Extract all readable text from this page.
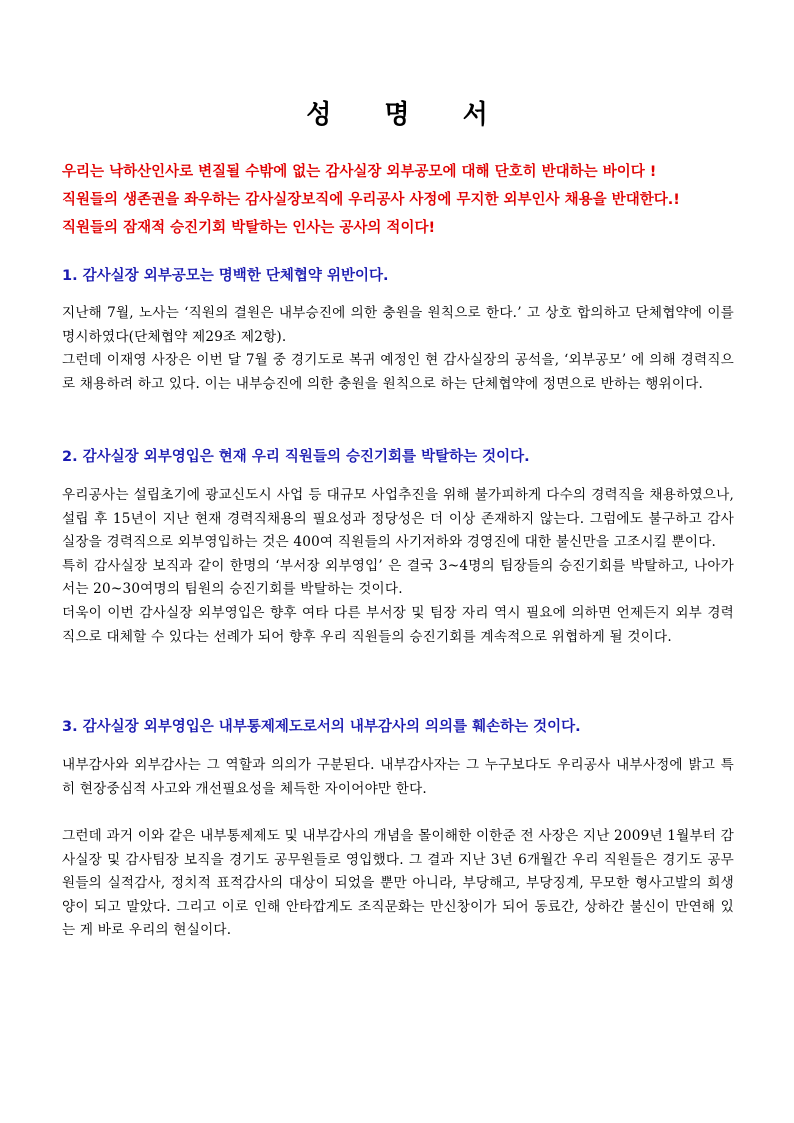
성 명 서
우리는 낙하산인사로 변질될 수밖에 없는 감사실장 외부공모에 대해 단호히 반대하는 바이다 !
직원들의 생존권을 좌우하는 감사실장보직에 우리공사 사정에 무지한 외부인사 채용을 반대한다.!
직원들의 잠재적 승진기회 박탈하는 인사는 공사의 적이다!
1. 감사실장 외부공모는 명백한 단체협약 위반이다.

지난해 7월, 노사는 ‘직원의 결원은 내부승진에 의한 충원을 원칙으로 한다.’ 고 상호 합의하고 단체협약에 이를 명시하였다(단체협약 제29조 제2항).

그런데 이재영 사장은 이번 달 7월 중 경기도로 복귀 예정인 현 감사실장의 공석을, ‘외부공모’ 에 의해 경력직으로 채용하려 하고 있다. 이는 내부승진에 의한 충원을 원칙으로 하는 단체협약에 정면으로 반하는 행위이다.

2. 감사실장 외부영입은 현재 우리 직원들의 승진기회를 박탈하는 것이다.

우리공사는 설립초기에 광교신도시 사업 등 대규모 사업추진을 위해 불가피하게 다수의 경력직을 채용하였으나, 설립 후 15년이 지난 현재 경력직채용의 필요성과 정당성은 더 이상 존재하지 않는다. 그럼에도 불구하고 감사실장을 경력직으로 외부영입하는 것은 400여 직원들의 사기저하와 경영진에 대한 불신만을 고조시킬 뿐이다.

특히 감사실장 보직과 같이 한명의 ‘부서장 외부영입’ 은 결국 3~4명의 팀장들의 승진기회를 박탈하고, 나아가서는 20~30여명의 팀원의 승진기회를 박탈하는 것이다.

더욱이 이번 감사실장 외부영입은 향후 여타 다른 부서장 및 팀장 자리 역시 필요에 의하면 언제든지 외부 경력직으로 대체할 수 있다는 선례가 되어 향후 우리 직원들의 승진기회를 계속적으로 위협하게 될 것이다.

3. 감사실장 외부영입은 내부통제제도로서의 내부감사의 의의를 훼손하는 것이다.

내부감사와 외부감사는 그 역할과 의의가 구분된다. 내부감사자는 그 누구보다도 우리공사 내부사정에 밝고 특히 현장중심적 사고와 개선필요성을 체득한 자이어야만 한다.

그런데 과거 이와 같은 내부통제제도 및 내부감사의 개념을 몰이해한 이한준 전 사장은 지난 2009년 1월부터 감사실장 및 감사팀장 보직을 경기도 공무원들로 영입했다. 그 결과 지난 3년 6개월간 우리 직원들은 경기도 공무원들의 실적감사, 정치적 표적감사의 대상이 되었을 뿐만 아니라, 부당해고, 부당징계, 무모한 형사고발의 희생양이 되고 말았다. 그리고 이로 인해 안타깝게도 조직문화는 만신창이가 되어 동료간, 상하간 불신이 만연해 있는 게 바로 우리의 현실이다.
